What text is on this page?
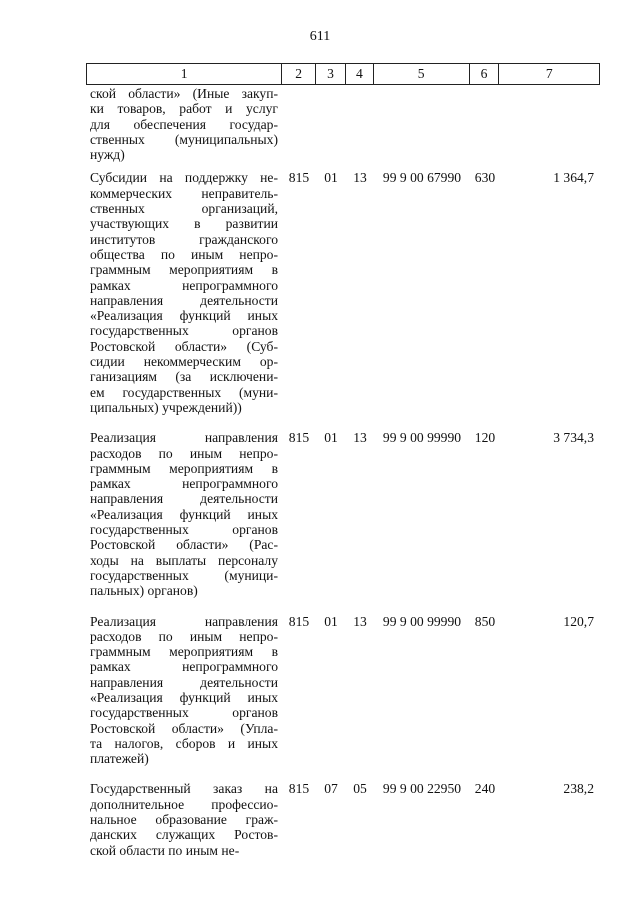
611
1	2	3	4	5	6	7
ской области» (Иные закуп-
ки товаров, работ и услуг
для обеспечения государ-
ственных (муниципальных)
нужд)
Субсидии на поддержку не-
коммерческих неправитель-
ственных организаций,
участвующих в развитии
институтов гражданского
общества по иным непро-
граммным мероприятиям в
рамках непрограммного
направления деятельности
«Реализация функций иных
государственных органов
Ростовской области» (Суб-
сидии некоммерческим ор-
ганизациям (за исключени-
ем государственных (муни-
ципальных) учреждений))
815	01	13	99 9 00 67990	630	1 364,7
Реализация направления
расходов по иным непро-
граммным мероприятиям в
рамках непрограммного
направления деятельности
«Реализация функций иных
государственных органов
Ростовской области» (Рас-
ходы на выплаты персоналу
государственных (муници-
пальных) органов)
815	01	13	99 9 00 99990	120	3 734,3
Реализация направления
расходов по иным непро-
граммным мероприятиям в
рамках непрограммного
направления деятельности
«Реализация функций иных
государственных органов
Ростовской области» (Упла-
та налогов, сборов и иных
платежей)
815	01	13	99 9 00 99990	850	120,7
Государственный заказ на
дополнительное профессио-
нальное образование граж-
данских служащих Ростов-
ской области по иным не-
815	07	05	99 9 00 22950	240	238,2
